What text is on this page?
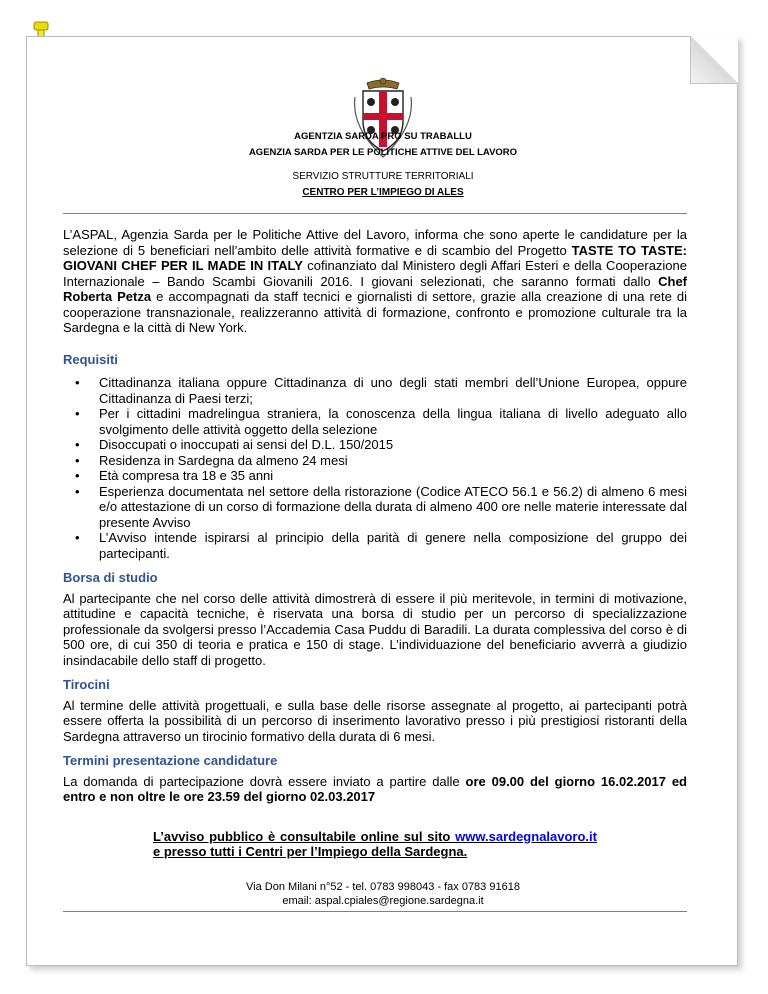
AGENTZIA SARDA PRO SU TRABALLU
AGENZIA SARDA PER LE POLITICHE ATTIVE DEL LAVORO
SERVIZIO STRUTTURE TERRITORIALI
CENTRO PER L’IMPIEGO DI ALES

L’ASPAL, Agenzia Sarda per le Politiche Attive del Lavoro, informa che sono aperte le candidature per la selezione di 5 beneficiari nell’ambito delle attività formative e di scambio del Progetto TASTE TO TASTE: GIOVANI CHEF PER IL MADE IN ITALY cofinanziato dal Ministero degli Affari Esteri e della Cooperazione Internazionale – Bando Scambi Giovanili 2016. I giovani selezionati, che saranno formati dallo Chef Roberta Petza e accompagnati da staff tecnici e giornalisti di settore, grazie alla creazione di una rete di cooperazione transnazionale, realizzeranno attività di formazione, confronto e promozione culturale tra la Sardegna e la città di New York.

Requisiti
• Cittadinanza italiana oppure Cittadinanza di uno degli stati membri dell’Unione Europea, oppure Cittadinanza di Paesi terzi;
• Per i cittadini madrelingua straniera, la conoscenza della lingua italiana di livello adeguato allo svolgimento delle attività oggetto della selezione
• Disoccupati o inoccupati ai sensi del D.L. 150/2015
• Residenza in Sardegna da almeno 24 mesi
• Età compresa tra 18 e 35 anni
• Esperienza documentata nel settore della ristorazione (Codice ATECO 56.1 e 56.2) di almeno 6 mesi e/o attestazione di un corso di formazione della durata di almeno 400 ore nelle materie interessate dal presente Avviso
• L’Avviso intende ispirarsi al principio della parità di genere nella composizione del gruppo dei partecipanti.
Borsa di studio

Al partecipante che nel corso delle attività dimostrerà di essere il più meritevole, in termini di motivazione, attitudine e capacità tecniche, è riservata una borsa di studio per un percorso di specializzazione professionale da svolgersi presso l’Accademia Casa Puddu di Baradili. La durata complessiva del corso è di 500 ore, di cui 350 di teoria e pratica e 150 di stage. L’individuazione del beneficiario avverrà a giudizio insindacabile dello staff di progetto.

Tirocini

Al termine delle attività progettuali, e sulla base delle risorse assegnate al progetto, ai partecipanti potrà essere offerta la possibilità di un percorso di inserimento lavorativo presso i più prestigiosi ristoranti della Sardegna attraverso un tirocinio formativo della durata di 6 mesi.

Termini presentazione candidature

La domanda di partecipazione dovrà essere inviato a partire dalle ore 09.00 del giorno 16.02.2017 ed entro e non oltre le ore 23.59 del giorno 02.03.2017

L’avviso pubblico è consultabile online sul sito www.sardegnalavoro.it e presso tutti i Centri per l’Impiego della Sardegna.

Via Don Milani n°52 - tel. 0783 998043 - fax 0783 91618
email: aspal.cpiales@regione.sardegna.it
